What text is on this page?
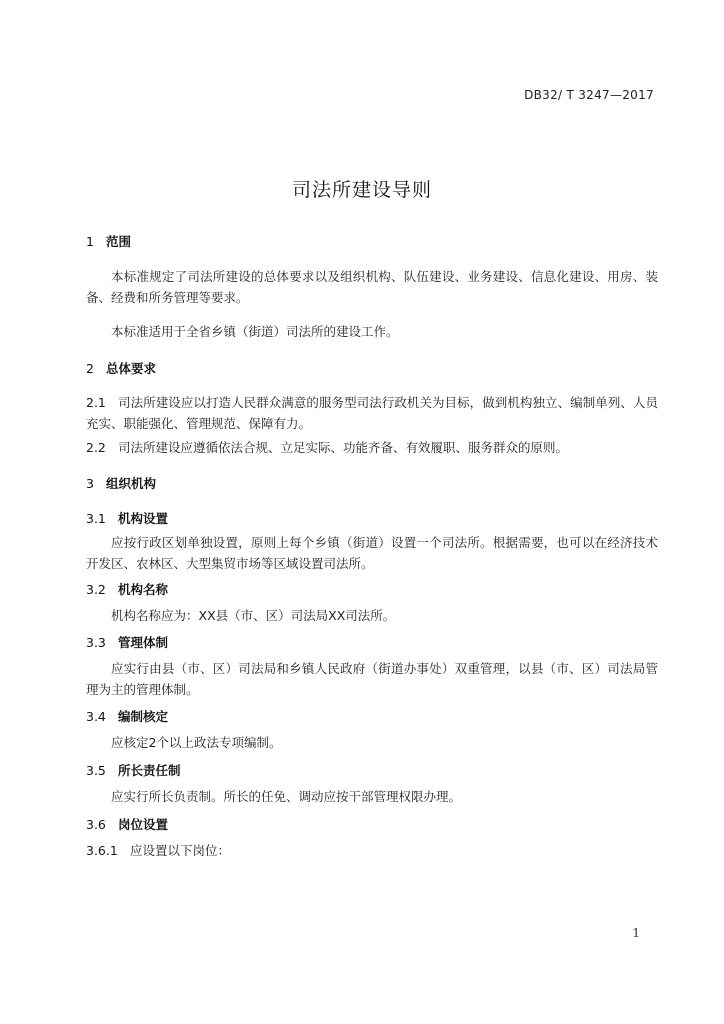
DB32/ T 3247—2017
司法所建设导则
1 范围

本标准规定了司法所建设的总体要求以及组织机构、队伍建设、业务建设、信息化建设、用房、装备、经费和所务管理等要求。

本标准适用于全省乡镇（街道）司法所的建设工作。

2 总体要求

2.1 司法所建设应以打造人民群众满意的服务型司法行政机关为目标，做到机构独立、编制单列、人员充实、职能强化、管理规范、保障有力。

2.2 司法所建设应遵循依法合规、立足实际、功能齐备、有效履职、服务群众的原则。

3 组织机构
3.1 机构设置

应按行政区划单独设置，原则上每个乡镇（街道）设置一个司法所。根据需要，也可以在经济技术开发区、农林区、大型集贸市场等区域设置司法所。

3.2 机构名称

机构名称应为：XX县（市、区）司法局XX司法所。

3.3 管理体制

应实行由县（市、区）司法局和乡镇人民政府（街道办事处）双重管理，以县（市、区）司法局管理为主的管理体制。

3.4 编制核定

应核定2个以上政法专项编制。

3.5 所长责任制

应实行所长负责制。所长的任免、调动应按干部管理权限办理。

3.6 岗位设置
3.6.1 应设置以下岗位：
1
